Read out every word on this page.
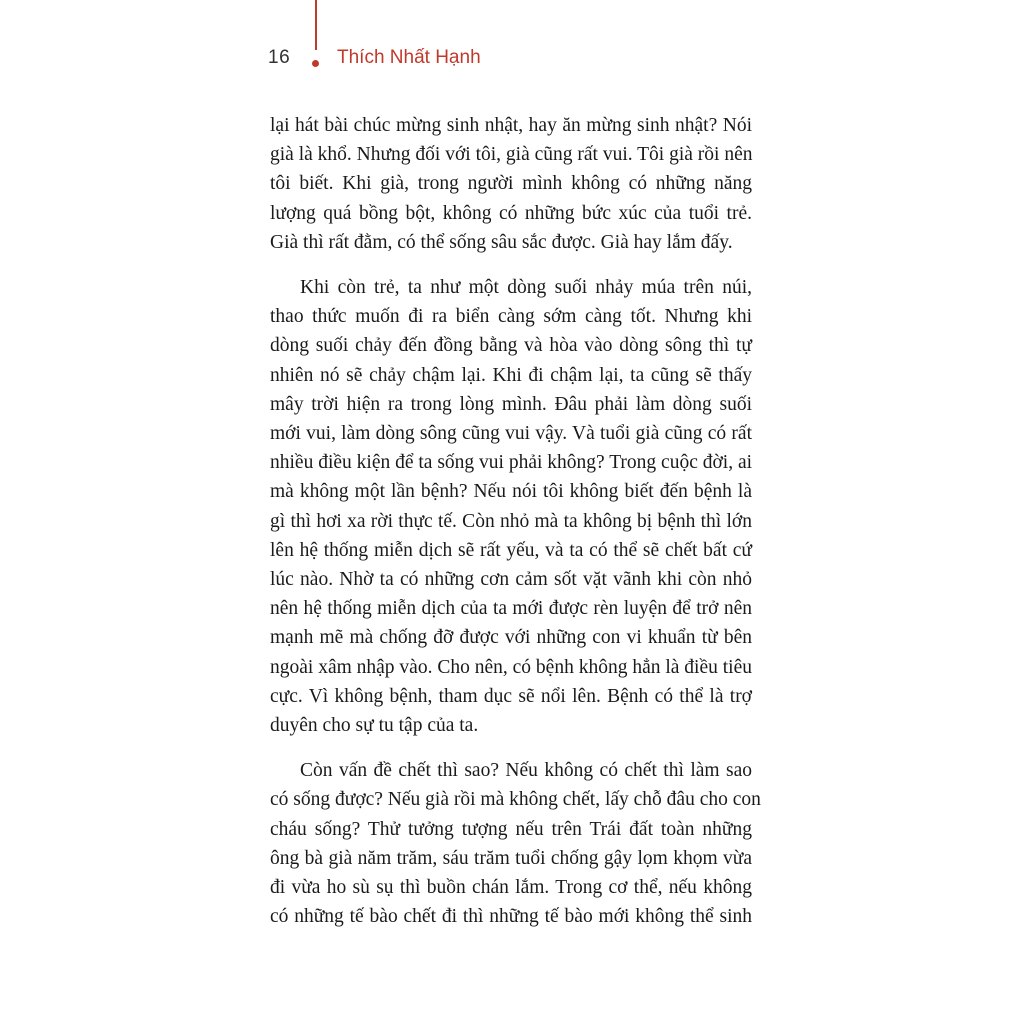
16 Thích Nhất Hạnh

lại hát bài chúc mừng sinh nhật, hay ăn mừng sinh nhật? Nói
già là khổ. Nhưng đối với tôi, già cũng rất vui. Tôi già rồi nên
tôi biết. Khi già, trong người mình không có những năng
lượng quá bồng bột, không có những bức xúc của tuổi trẻ.
Già thì rất đằm, có thể sống sâu sắc được. Già hay lắm đấy.

Khi còn trẻ, ta như một dòng suối nhảy múa trên núi,
thao thức muốn đi ra biển càng sớm càng tốt. Nhưng khi
dòng suối chảy đến đồng bằng và hòa vào dòng sông thì tự
nhiên nó sẽ chảy chậm lại. Khi đi chậm lại, ta cũng sẽ thấy
mây trời hiện ra trong lòng mình. Đâu phải làm dòng suối
mới vui, làm dòng sông cũng vui vậy. Và tuổi già cũng có rất
nhiều điều kiện để ta sống vui phải không? Trong cuộc đời, ai
mà không một lần bệnh? Nếu nói tôi không biết đến bệnh là
gì thì hơi xa rời thực tế. Còn nhỏ mà ta không bị bệnh thì lớn
lên hệ thống miễn dịch sẽ rất yếu, và ta có thể sẽ chết bất cứ
lúc nào. Nhờ ta có những cơn cảm sốt vặt vãnh khi còn nhỏ
nên hệ thống miễn dịch của ta mới được rèn luyện để trở nên
mạnh mẽ mà chống đỡ được với những con vi khuẩn từ bên
ngoài xâm nhập vào. Cho nên, có bệnh không hẳn là điều tiêu
cực. Vì không bệnh, tham dục sẽ nổi lên. Bệnh có thể là trợ
duyên cho sự tu tập của ta.

Còn vấn đề chết thì sao? Nếu không có chết thì làm sao
có sống được? Nếu già rồi mà không chết, lấy chỗ đâu cho con
cháu sống? Thử tưởng tượng nếu trên Trái đất toàn những
ông bà già năm trăm, sáu trăm tuổi chống gậy lọm khọm vừa
đi vừa ho sù sụ thì buồn chán lắm. Trong cơ thể, nếu không
có những tế bào chết đi thì những tế bào mới không thể sinh
